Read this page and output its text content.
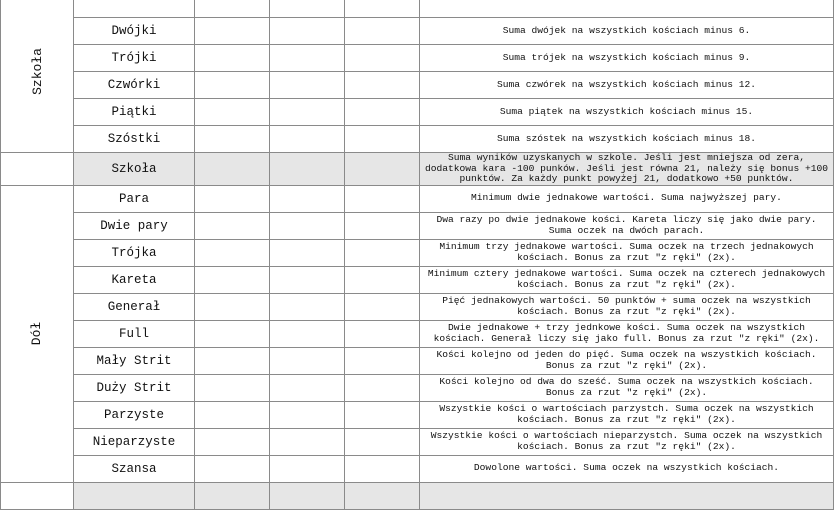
Szkoła					
	Dwójki				Suma dwójek na wszystkich kościach minus 6.
	Trójki				Suma trójek na wszystkich kościach minus 9.
	Czwórki				Suma czwórek na wszystkich kościach minus 12.
	Piątki				Suma piątek na wszystkich kościach minus 15.
	Szóstki				Suma szóstek na wszystkich kościach minus 18.
	Szkoła				Suma wyników uzyskanych w szkole. Jeśli jest mniejsza od zera, dodatkowa kara -100 punków. Jeśli jest równa 21, należy się bonus +100 punktów. Za każdy punkt powyżej 21, dodatkowo +50 punktów.
Dół	Para				Minimum dwie jednakowe wartości. Suma najwyższej pary.
	Dwie pary				Dwa razy po dwie jednakowe kości. Kareta liczy się jako dwie pary. Suma oczek na dwóch parach.
	Trójka				Minimum trzy jednakowe wartości. Suma oczek na trzech jednakowych kościach. Bonus za rzut "z ręki" (2x).
	Kareta				Minimum cztery jednakowe wartości. Suma oczek na czterech jednakowych kościach. Bonus za rzut "z ręki" (2x).
	Generał				Pięć jednakowych wartości. 50 punktów + suma oczek na wszystkich kościach. Bonus za rzut "z ręki" (2x).
	Full				Dwie jednakowe + trzy jednkowe kości. Suma oczek na wszystkich kościach. Generał liczy się jako full. Bonus za rzut "z ręki" (2x).
	Mały Strit				Kości kolejno od jeden do pięć. Suma oczek na wszystkich kościach. Bonus za rzut "z ręki" (2x).
	Duży Strit				Kości kolejno od dwa do sześć. Suma oczek na wszystkich kościach. Bonus za rzut "z ręki" (2x).
	Parzyste				Wszystkie kości o wartościach parzystch. Suma oczek na wszystkich kościach. Bonus za rzut "z ręki" (2x).
	Nieparzyste				Wszystkie kości o wartościach nieparzystch. Suma oczek na wszystkich kościach. Bonus za rzut "z ręki" (2x).
	Szansa				Dowolone wartości. Suma oczek na wszystkich kościach.
